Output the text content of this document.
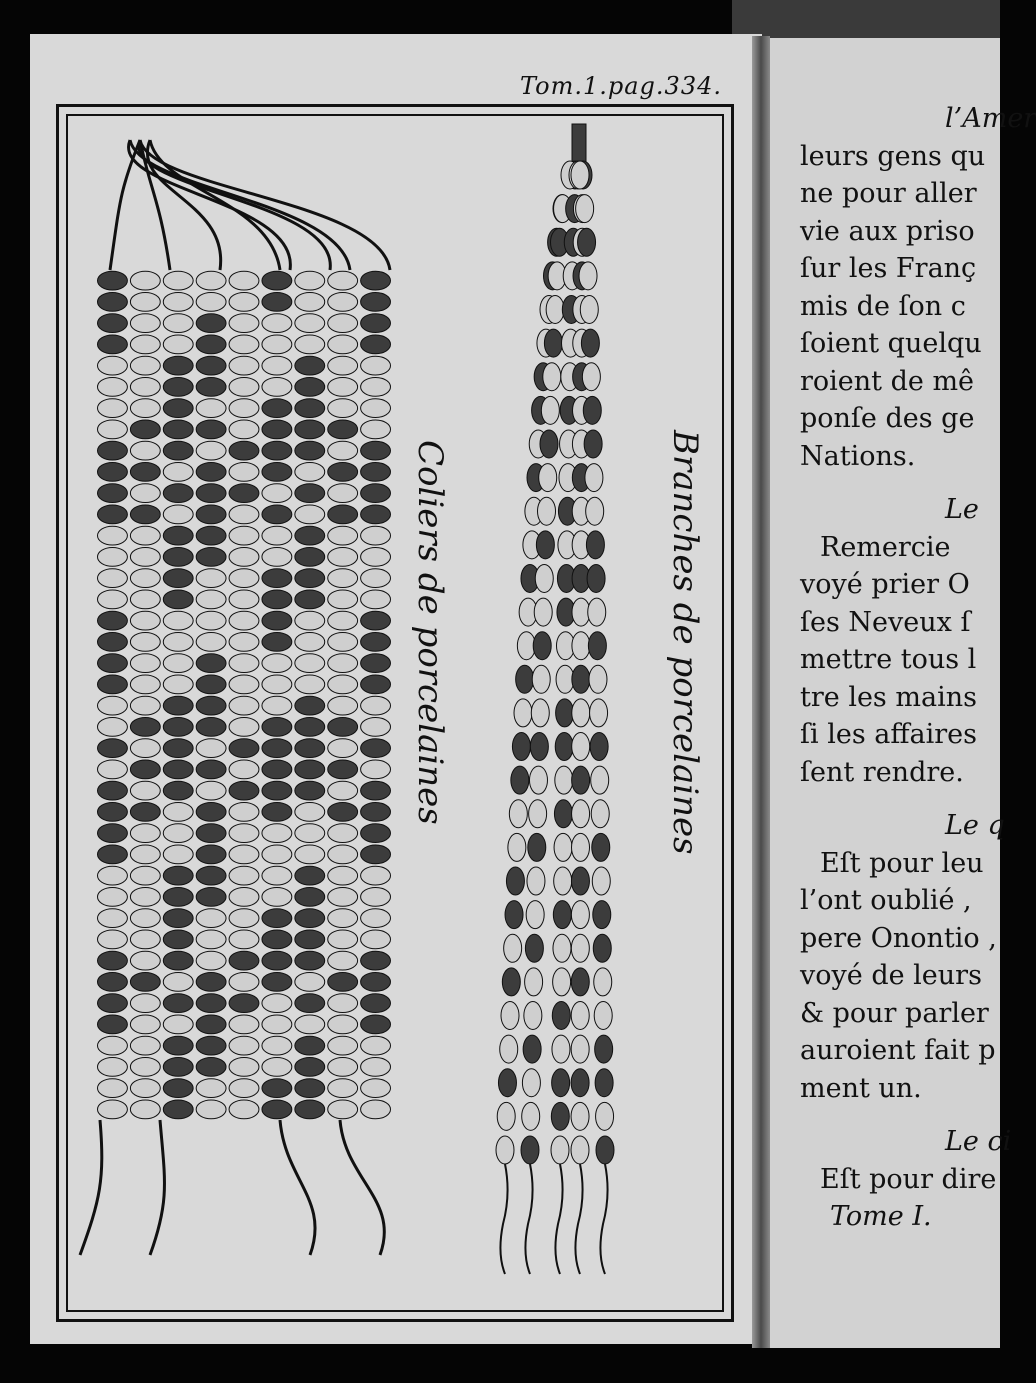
Tom.1.pag.334.
Coliers de porcelaines	Branches de porcelaines
l’Amer
leurs gens qu
ne pour aller
vie aux priso
ſur les Franç
mis de ſon c
ſoient quelqu
roient de mê
ponſe des ge
Nations.
Le
Remercie
voyé prier O
ſes Neveux ſ
mettre tous l
tre les mains
ſi les affaires
ſent rendre.
Le q
Eſt pour leu
l’ont oublié ,
pere Onontio ,
voyé de leurs
& pour parler
auroient fait p
ment un.
Le ci
Eſt pour dire
Tome I.
